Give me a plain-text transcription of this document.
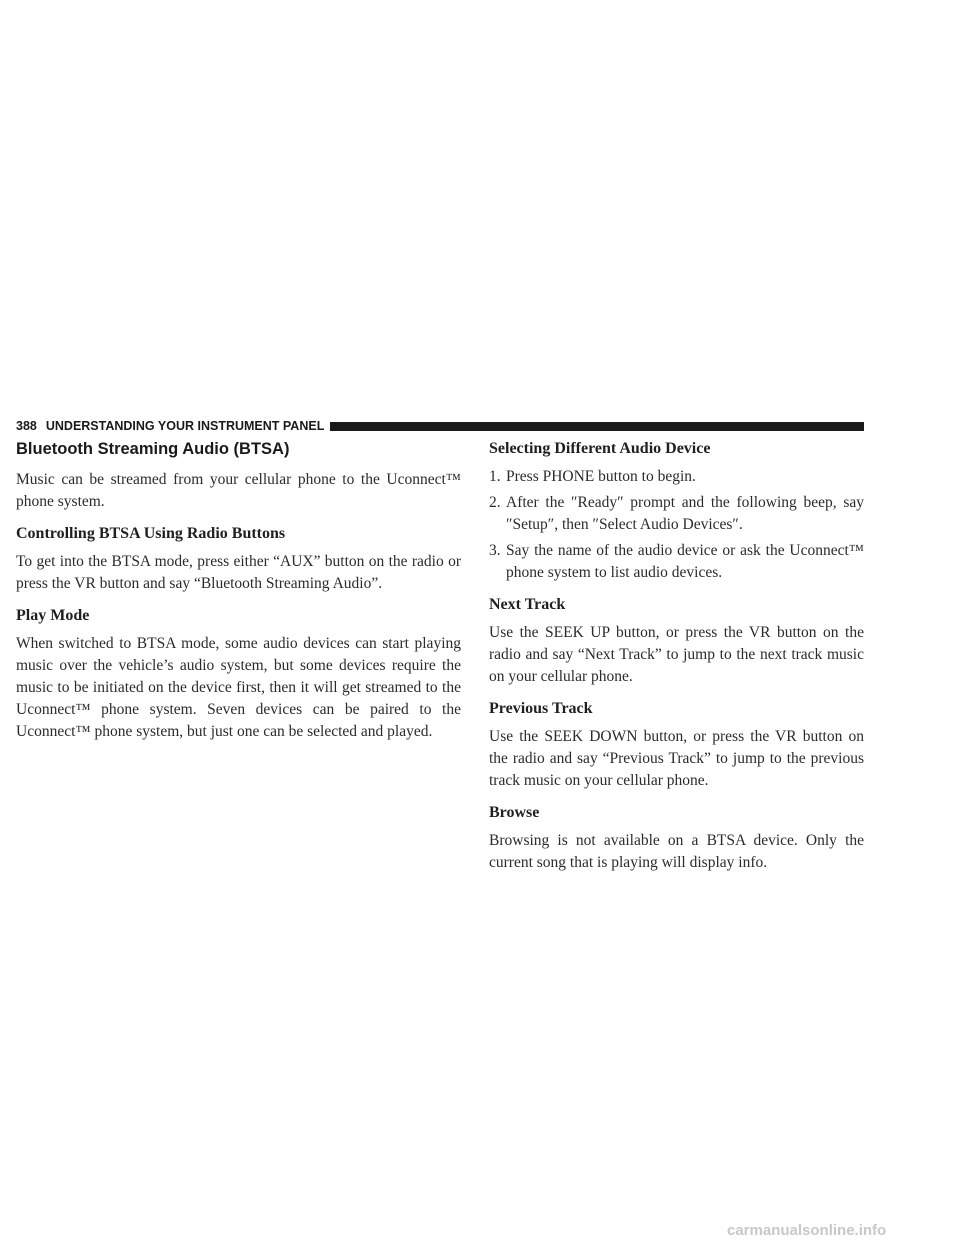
388 UNDERSTANDING YOUR INSTRUMENT PANEL
Bluetooth Streaming Audio (BTSA)

Music can be streamed from your cellular phone to the Uconnect™ phone system.

Controlling BTSA Using Radio Buttons

To get into the BTSA mode, press either “AUX” button on the radio or press the VR button and say “Bluetooth Streaming Audio”.

Play Mode

When switched to BTSA mode, some audio devices can start playing music over the vehicle’s audio system, but some devices require the music to be initiated on the device first, then it will get streamed to the Uconnect™ phone system. Seven devices can be paired to the Uconnect™ phone system, but just one can be selected and played.

Selecting Different Audio Device
1. Press PHONE button to begin.
2. After the ″Ready″ prompt and the following beep, say ″Setup″, then ″Select Audio Devices″.
3. Say the name of the audio device or ask the Uconnect™ phone system to list audio devices.
Next Track

Use the SEEK UP button, or press the VR button on the radio and say “Next Track” to jump to the next track music on your cellular phone.

Previous Track

Use the SEEK DOWN button, or press the VR button on the radio and say “Previous Track” to jump to the previous track music on your cellular phone.

Browse

Browsing is not available on a BTSA device. Only the current song that is playing will display info.

carmanualsonline.info
